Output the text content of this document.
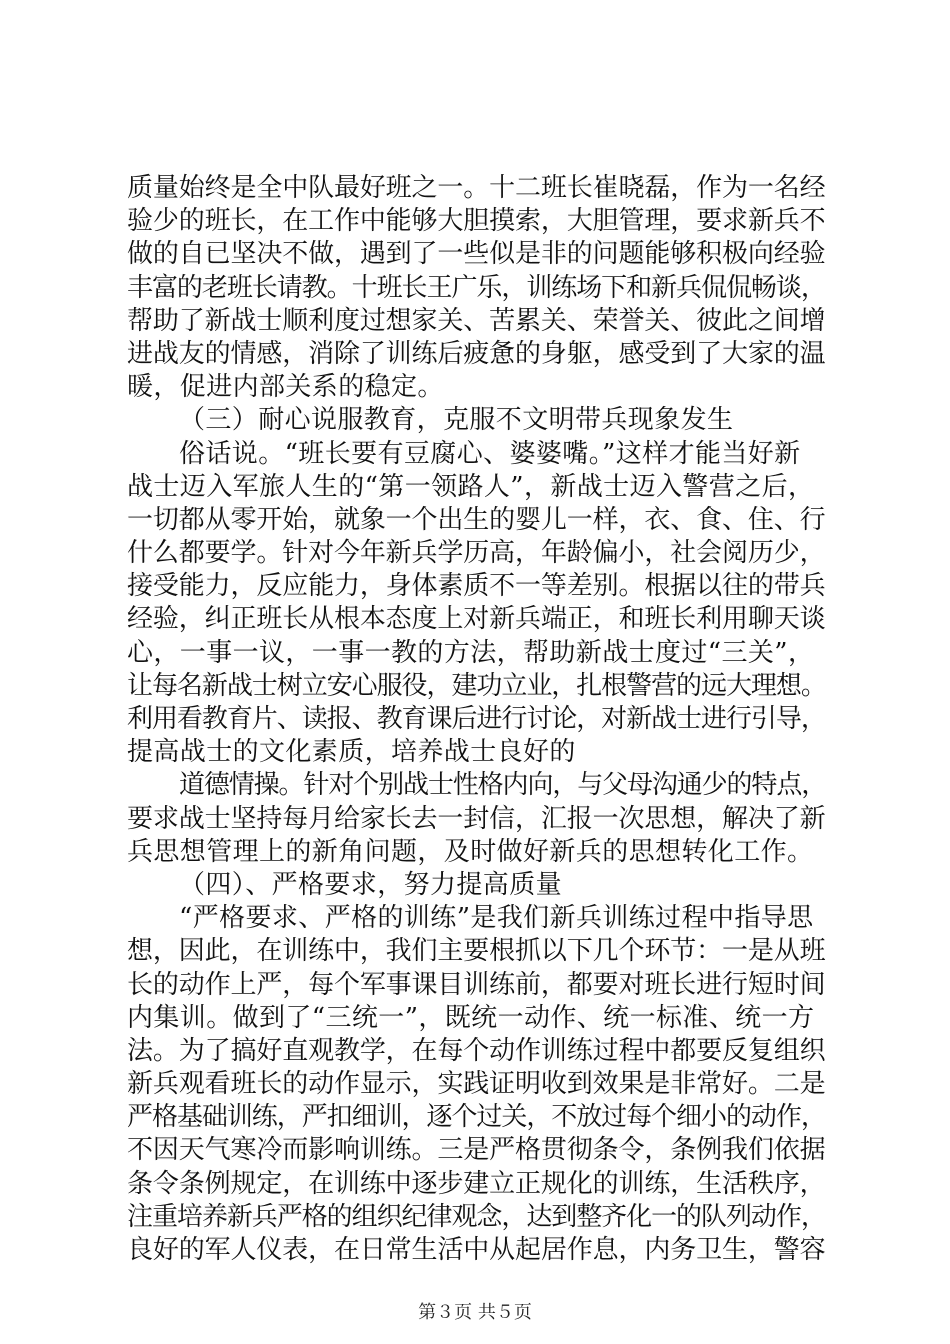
质量始终是全中队最好班之一。十二班长崔晓磊，作为一名经
验少的班长，在工作中能够大胆摸索，大胆管理，要求新兵不
做的自已坚决不做，遇到了一些似是非的问题能够积极向经验
丰富的老班长请教。十班长王广乐，训练场下和新兵侃侃畅谈，
帮助了新战士顺利度过想家关、苦累关、荣誉关、彼此之间增
进战友的情感，消除了训练后疲惫的身躯，感受到了大家的温
暖，促进内部关系的稳定。
（三）耐心说服教育，克服不文明带兵现象发生
俗话说。“班长要有豆腐心、婆婆嘴。”这样才能当好新
战士迈入军旅人生的“第一领路人”，新战士迈入警营之后，
一切都从零开始，就象一个出生的婴儿一样，衣、食、住、行
什么都要学。针对今年新兵学历高，年龄偏小，社会阅历少，
接受能力，反应能力，身体素质不一等差别。根据以往的带兵
经验，纠正班长从根本态度上对新兵端正，和班长利用聊天谈
心，一事一议，一事一教的方法，帮助新战士度过“三关”，
让每名新战士树立安心服役，建功立业，扎根警营的远大理想。
利用看教育片、读报、教育课后进行讨论，对新战士进行引导，
提高战士的文化素质，培养战士良好的
道德情操。针对个别战士性格内向，与父母沟通少的特点，
要求战士坚持每月给家长去一封信，汇报一次思想，解决了新
兵思想管理上的新角问题，及时做好新兵的思想转化工作。
（四）、严格要求，努力提高质量
“严格要求、严格的训练”是我们新兵训练过程中指导思
想，因此，在训练中，我们主要根抓以下几个环节：一是从班
长的动作上严，每个军事课目训练前，都要对班长进行短时间
内集训。做到了“三统一”，既统一动作、统一标准、统一方
法。为了搞好直观教学，在每个动作训练过程中都要反复组织
新兵观看班长的动作显示，实践证明收到效果是非常好。二是
严格基础训练，严扣细训，逐个过关，不放过每个细小的动作，
不因天气寒冷而影响训练。三是严格贯彻条令，条例我们依据
条令条例规定，在训练中逐步建立正规化的训练，生活秩序，
注重培养新兵严格的组织纪律观念，达到整齐化一的队列动作，
良好的军人仪表，在日常生活中从起居作息，内务卫生，警容
第３页 共５页
